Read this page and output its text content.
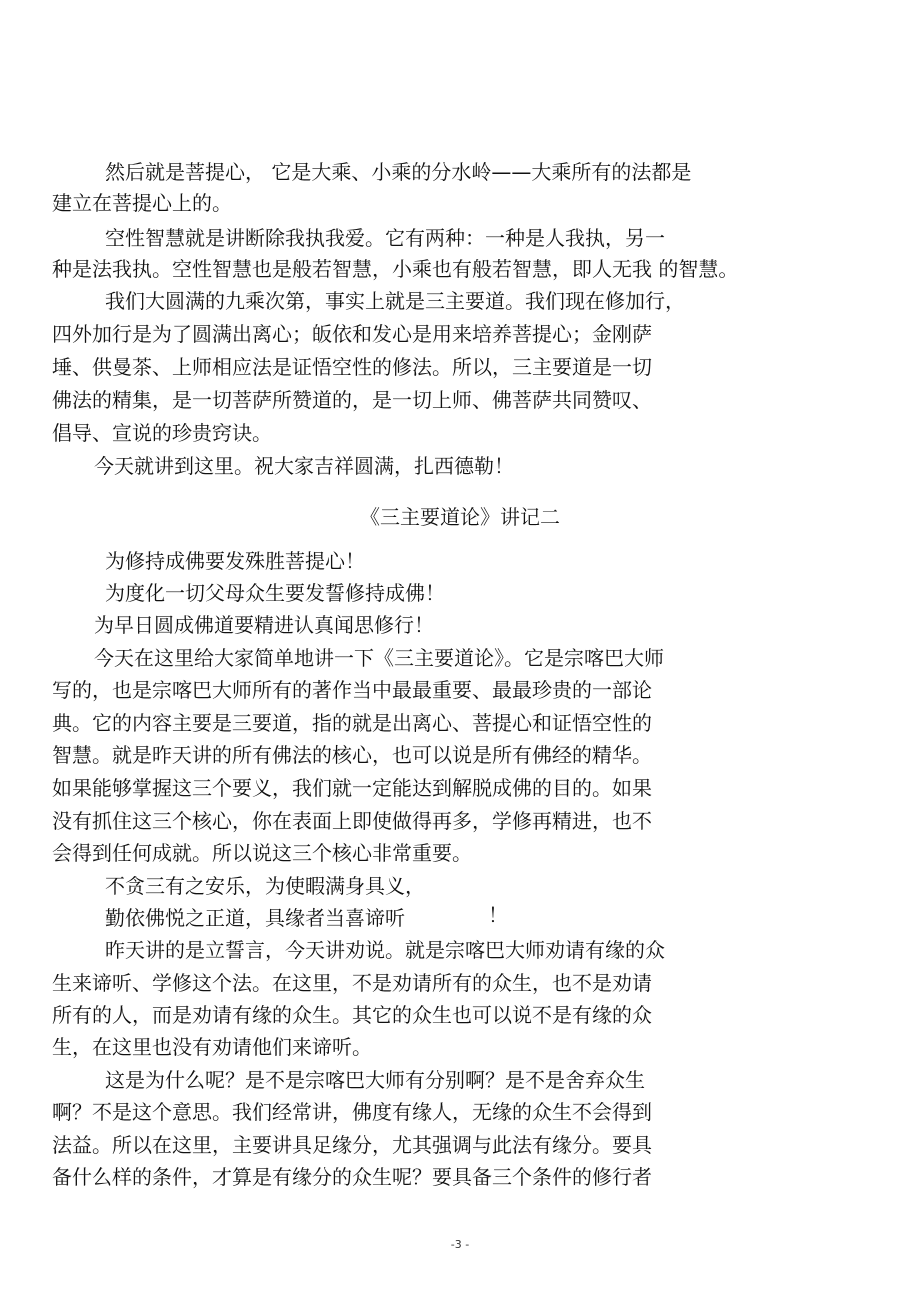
然后就是菩提心， 它是大乘、小乘的分水岭——大乘所有的法都是
建立在菩提心上的。
空性智慧就是讲断除我执我爱。它有两种：一种是人我执，另一
种是法我执。空性智慧也是般若智慧，小乘也有般若智慧，即人无我 的智慧。
我们大圆满的九乘次第，事实上就是三主要道。我们现在修加行，
四外加行是为了圆满出离心；皈依和发心是用来培养菩提心；金刚萨
埵、供曼茶、上师相应法是证悟空性的修法。所以，三主要道是一切
佛法的精集，是一切菩萨所赞道的，是一切上师、佛菩萨共同赞叹、
倡导、宣说的珍贵窍诀。
今天就讲到这里。祝大家吉祥圆满，扎西德勒！
《三主要道论》讲记二
为修持成佛要发殊胜菩提心！
为度化一切父母众生要发誓修持成佛！
为早日圆成佛道要精进认真闻思修行！
今天在这里给大家简单地讲一下《三主要道论》。它是宗喀巴大师
写的，也是宗喀巴大师所有的著作当中最最重要、最最珍贵的一部论
典。它的内容主要是三要道，指的就是出离心、菩提心和证悟空性的
智慧。就是昨天讲的所有佛法的核心，也可以说是所有佛经的精华。
如果能够掌握这三个要义，我们就一定能达到解脱成佛的目的。如果
没有抓住这三个核心，你在表面上即使做得再多，学修再精进，也不
会得到任何成就。所以说这三个核心非常重要。
不贪三有之安乐，为使暇满身具义，
勤依佛悦之正道，具缘者当喜谛听	！
昨天讲的是立誓言，今天讲劝说。就是宗喀巴大师劝请有缘的众
生来谛听、学修这个法。在这里，不是劝请所有的众生，也不是劝请
所有的人，而是劝请有缘的众生。其它的众生也可以说不是有缘的众
生，在这里也没有劝请他们来谛听。
这是为什么呢？是不是宗喀巴大师有分别啊？是不是舍弃众生
啊？不是这个意思。我们经常讲，佛度有缘人，无缘的众生不会得到
法益。所以在这里，主要讲具足缘分，尤其强调与此法有缘分。要具
备什么样的条件，才算是有缘分的众生呢？要具备三个条件的修行者
-3 -
